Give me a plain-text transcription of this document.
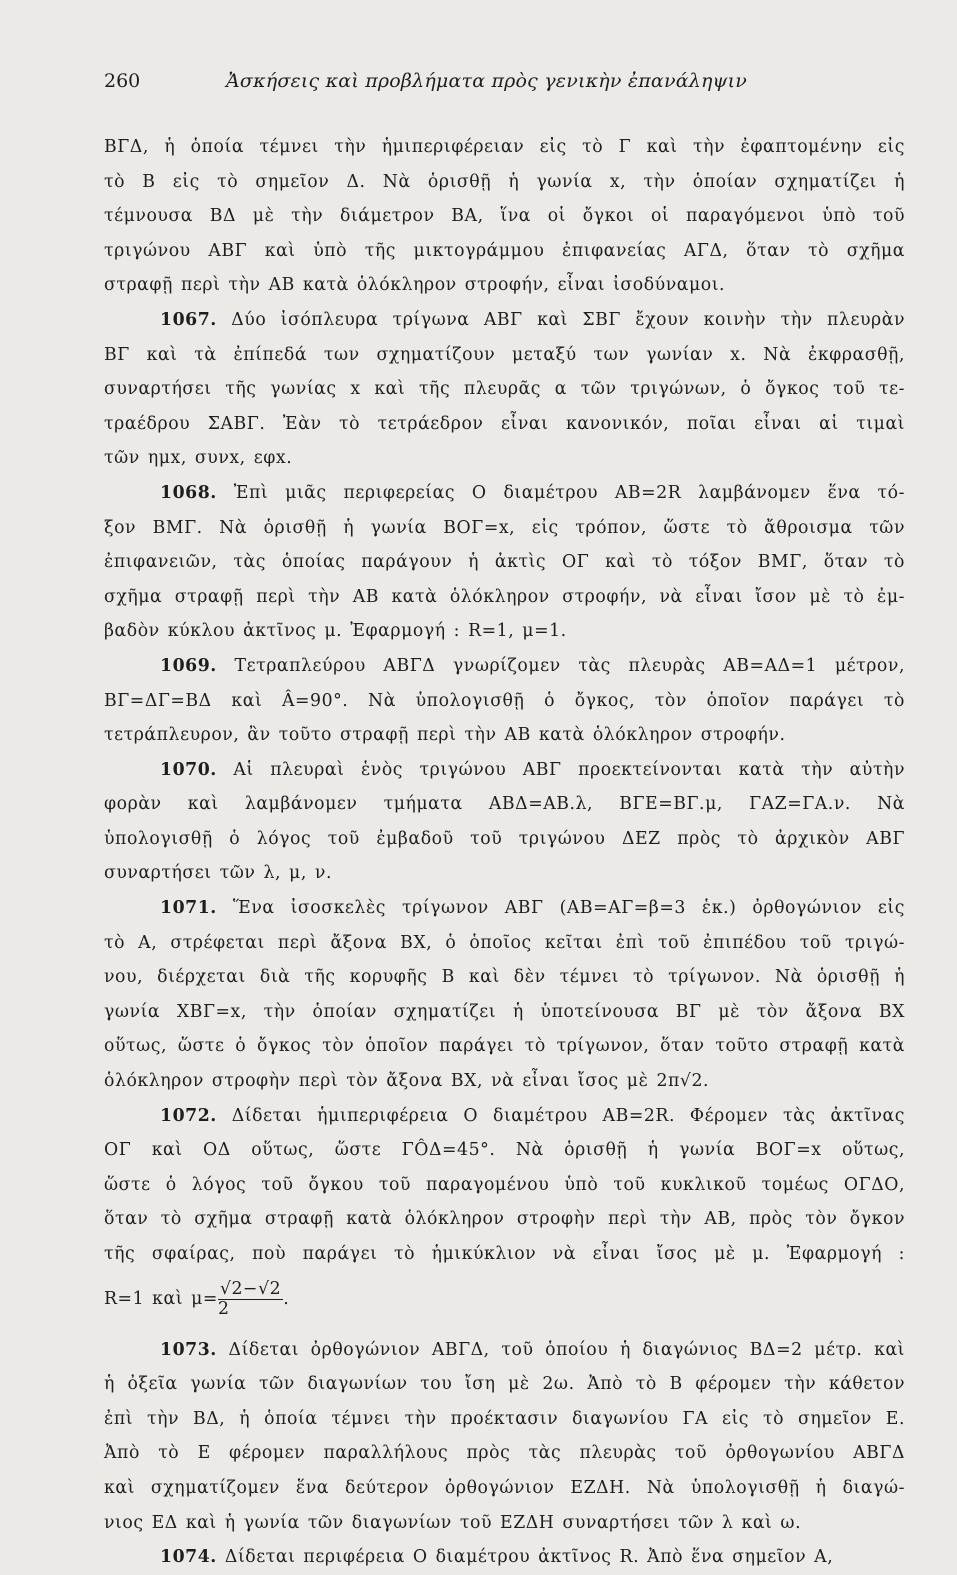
260	Ἀσκήσεις καὶ προβλήματα πρὸς γενικὴν ἐπανάληψιν
ΒΓΔ, ἡ ὁποία τέμνει τὴν ἡμιπεριφέρειαν εἰς τὸ Γ καὶ τὴν ἐφαπτομένην εἰς
τὸ Β εἰς τὸ σημεῖον Δ. Νὰ ὁρισθῇ ἡ γωνία x, τὴν ὁποίαν σχηματίζει ἡ
τέμνουσα ΒΔ μὲ τὴν διάμετρον ΒΑ, ἵνα οἱ ὄγκοι οἱ παραγόμενοι ὑπὸ τοῦ
τριγώνου ΑΒΓ καὶ ὑπὸ τῆς μικτογράμμου ἐπιφανείας ΑΓΔ, ὅταν τὸ σχῆμα
στραφῇ περὶ τὴν ΑΒ κατὰ ὁλόκληρον στροφήν, εἶναι ἰσοδύναμοι.
1067. Δύο ἰσόπλευρα τρίγωνα ΑΒΓ καὶ ΣΒΓ ἔχουν κοινὴν τὴν πλευρὰν
ΒΓ καὶ τὰ ἐπίπεδά των σχηματίζουν μεταξύ των γωνίαν x. Νὰ ἐκφρασθῇ,
συναρτήσει τῆς γωνίας x καὶ τῆς πλευρᾶς α τῶν τριγώνων, ὁ ὄγκος τοῦ τε-
τραέδρου ΣΑΒΓ. Ἐὰν τὸ τετράεδρον εἶναι κανονικόν, ποῖαι εἶναι αἱ τιμαὶ
τῶν ημx, συνx, εφx.
1068. Ἐπὶ μιᾶς περιφερείας Ο διαμέτρου ΑΒ=2R λαμβάνομεν ἕνα τό-
ξον ΒΜΓ. Νὰ ὁρισθῇ ἡ γωνία ΒΟΓ=x, εἰς τρόπον, ὥστε τὸ ἄθροισμα τῶν
ἐπιφανειῶν, τὰς ὁποίας παράγουν ἡ ἀκτὶς ΟΓ καὶ τὸ τόξον ΒΜΓ, ὅταν τὸ
σχῆμα στραφῇ περὶ τὴν ΑΒ κατὰ ὁλόκληρον στροφήν, νὰ εἶναι ἴσον μὲ τὸ ἐμ-
βαδὸν κύκλου ἀκτῖνος μ. Ἐφαρμογή : R=1, μ=1.
1069. Τετραπλεύρου ΑΒΓΔ γνωρίζομεν τὰς πλευρὰς ΑΒ=ΑΔ=1 μέτρον,
ΒΓ=ΔΓ=ΒΔ καὶ Â=90°. Νὰ ὑπολογισθῇ ὁ ὄγκος, τὸν ὁποῖον παράγει τὸ
τετράπλευρον, ἂν τοῦτο στραφῇ περὶ τὴν ΑΒ κατὰ ὁλόκληρον στροφήν.
1070. Αἱ πλευραὶ ἑνὸς τριγώνου ΑΒΓ προεκτείνονται κατὰ τὴν αὐτὴν
φορὰν καὶ λαμβάνομεν τμήματα ΑΒΔ=ΑΒ.λ, ΒΓΕ=ΒΓ.μ, ΓΑΖ=ΓΑ.ν. Νὰ
ὑπολογισθῇ ὁ λόγος τοῦ ἐμβαδοῦ τοῦ τριγώνου ΔΕΖ πρὸς τὸ ἀρχικὸν ΑΒΓ
συναρτήσει τῶν λ, μ, ν.
1071. Ἕνα ἰσοσκελὲς τρίγωνον ΑΒΓ (ΑΒ=ΑΓ=β=3 ἑκ.) ὀρθογώνιον εἰς
τὸ Α, στρέφεται περὶ ἄξονα ΒΧ, ὁ ὁποῖος κεῖται ἐπὶ τοῦ ἐπιπέδου τοῦ τριγώ-
νου, διέρχεται διὰ τῆς κορυφῆς Β καὶ δὲν τέμνει τὸ τρίγωνον. Νὰ ὁρισθῇ ἡ
γωνία ΧΒΓ=x, τὴν ὁποίαν σχηματίζει ἡ ὑποτείνουσα ΒΓ μὲ τὸν ἄξονα ΒΧ
οὕτως, ὥστε ὁ ὄγκος τὸν ὁποῖον παράγει τὸ τρίγωνον, ὅταν τοῦτο στραφῇ κατὰ
ὁλόκληρον στροφὴν περὶ τὸν ἄξονα ΒΧ, νὰ εἶναι ἴσος μὲ 2π√2.
1072. Δίδεται ἡμιπεριφέρεια Ο διαμέτρου ΑΒ=2R. Φέρομεν τὰς ἀκτῖνας
ΟΓ καὶ ΟΔ οὕτως, ὥστε ΓÔΔ=45°. Νὰ ὁρισθῇ ἡ γωνία ΒΟΓ=x οὕτως,
ὥστε ὁ λόγος τοῦ ὄγκου τοῦ παραγομένου ὑπὸ τοῦ κυκλικοῦ τομέως ΟΓΔΟ,
ὅταν τὸ σχῆμα στραφῇ κατὰ ὁλόκληρον στροφὴν περὶ τὴν ΑΒ, πρὸς τὸν ὄγκον
τῆς σφαίρας, ποὺ παράγει τὸ ἡμικύκλιον νὰ εἶναι ἴσος μὲ μ. Ἐφαρμογή :
R=1 καὶ $\mu= \frac{√2-√2}{2}$ .
1073. Δίδεται ὀρθογώνιον ΑΒΓΔ, τοῦ ὁποίου ἡ διαγώνιος ΒΔ=2 μέτρ. καὶ
ἡ ὀξεῖα γωνία τῶν διαγωνίων του ἴση μὲ 2ω. Ἀπὸ τὸ Β φέρομεν τὴν κάθετον
ἐπὶ τὴν ΒΔ, ἡ ὁποία τέμνει τὴν προέκτασιν διαγωνίου ΓΑ εἰς τὸ σημεῖον Ε.
Ἀπὸ τὸ Ε φέρομεν παραλλήλους πρὸς τὰς πλευρὰς τοῦ ὀρθογωνίου ΑΒΓΔ
καὶ σχηματίζομεν ἕνα δεύτερον ὀρθογώνιον ΕΖΔΗ. Νὰ ὑπολογισθῇ ἡ διαγώ-
νιος ΕΔ καὶ ἡ γωνία τῶν διαγωνίων τοῦ ΕΖΔΗ συναρτήσει τῶν λ καὶ ω.
1074. Δίδεται περιφέρεια Ο διαμέτρου ἀκτῖνος R. Ἀπὸ ἕνα σημεῖον Α,
